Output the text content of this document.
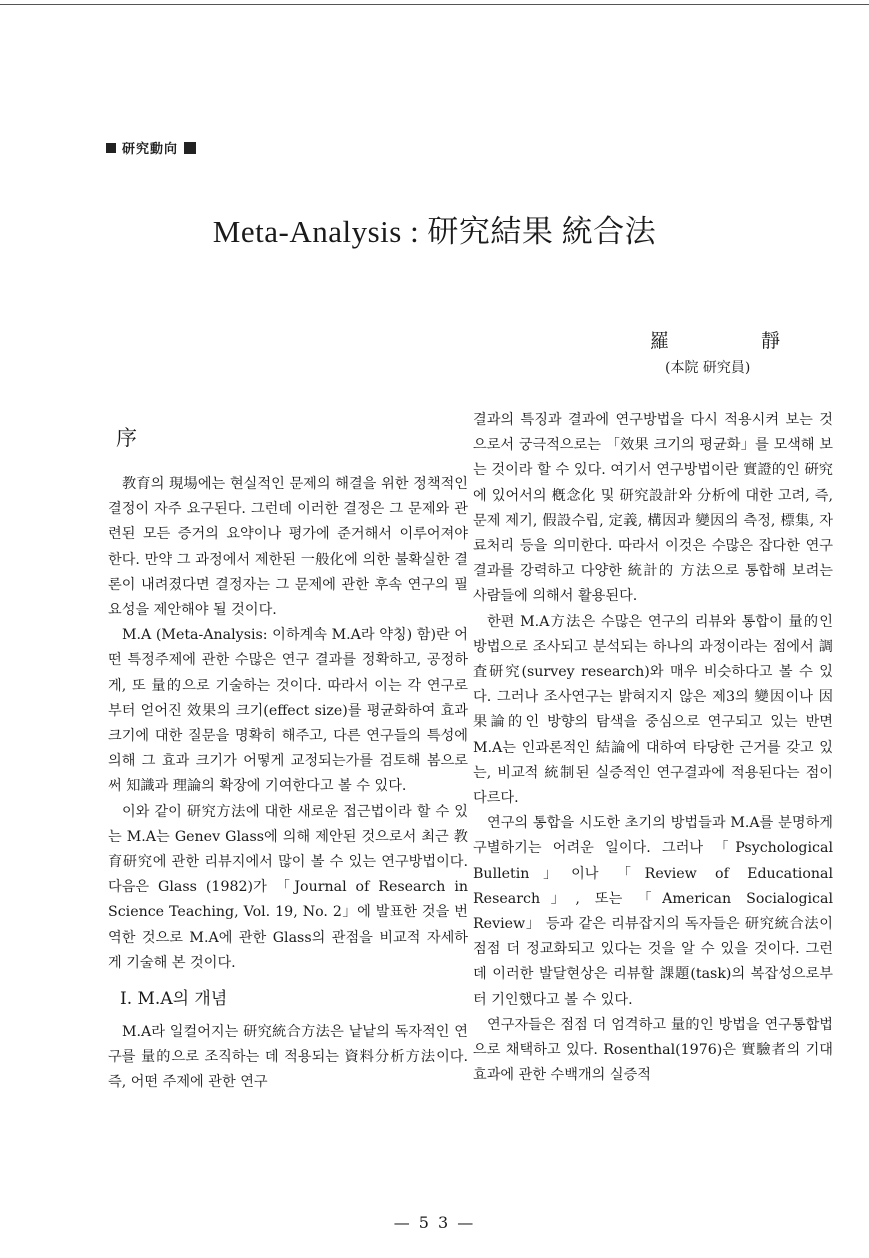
研究動向
Meta-Analysis : 研究結果 統合法
羅	靜
(本院 研究員)
序

教育의 現場에는 현실적인 문제의 해결을 위한 정책적인 결정이 자주 요구된다. 그런데 이러한 결정은 그 문제와 관련된 모든 증거의 요약이나 평가에 준거해서 이루어져야 한다. 만약 그 과정에서 제한된 一般化에 의한 불확실한 결론이 내려졌다면 결정자는 그 문제에 관한 후속 연구의 필요성을 제안해야 될 것이다.

M.A (Meta-Analysis: 이하계속 M.A라 약칭) 함)란 어떤 특정주제에 관한 수많은 연구 결과를 정확하고, 공정하게, 또 量的으로 기술하는 것이다. 따라서 이는 각 연구로부터 얻어진 效果의 크기(effect size)를 평균화하여 효과 크기에 대한 질문을 명확히 해주고, 다른 연구들의 특성에 의해 그 효과 크기가 어떻게 교정되는가를 검토해 봄으로써 知識과 理論의 확장에 기여한다고 볼 수 있다.

이와 같이 研究方法에 대한 새로운 접근법이라 할 수 있는 M.A는 Genev Glass에 의해 제안된 것으로서 최근 教育研究에 관한 리뷰지에서 많이 볼 수 있는 연구방법이다. 다음은 Glass (1982)가 「Journal of Research in Science Teaching, Vol. 19, No. 2」에 발표한 것을 번역한 것으로 M.A에 관한 Glass의 관점을 비교적 자세하게 기술해 본 것이다.

Ⅰ. M.A의 개념

M.A라 일컬어지는 研究統合方法은 낱낱의 독자적인 연구를 量的으로 조직하는 데 적용되는 資料分析方法이다. 즉, 어떤 주제에 관한 연구

결과의 특징과 결과에 연구방법을 다시 적용시켜 보는 것으로서 궁극적으로는 「效果 크기의 평균화」를 모색해 보는 것이라 할 수 있다. 여기서 연구방법이란 實證的인 硏究에 있어서의 槪念化 및 研究設計와 分析에 대한 고려, 즉, 문제 제기, 假設수립, 定義, 構因과 變因의 측정, 標集, 자료처리 등을 의미한다. 따라서 이것은 수많은 잡다한 연구결과를 강력하고 다양한 統計的 方法으로 통합해 보려는 사람들에 의해서 활용된다.

한편 M.A方法은 수많은 연구의 리뷰와 통합이 量的인 방법으로 조사되고 분석되는 하나의 과정이라는 점에서 調査研究(survey research)와 매우 비슷하다고 볼 수 있다. 그러나 조사연구는 밝혀지지 않은 제3의 變因이나 因果論的인 방향의 탐색을 중심으로 연구되고 있는 반면 M.A는 인과론적인 結論에 대하여 타당한 근거를 갖고 있는, 비교적 統制된 실증적인 연구결과에 적용된다는 점이 다르다.

연구의 통합을 시도한 초기의 방법들과 M.A를 분명하게 구별하기는 어려운 일이다. 그러나 「Psychological Bulletin」이나 「Review of Educational Research」, 또는 「American Socialogical Review」 등과 같은 리뷰잡지의 독자들은 研究統合法이 점점 더 정교화되고 있다는 것을 알 수 있을 것이다. 그런데 이러한 발달현상은 리뷰할 課題(task)의 복잡성으로부터 기인했다고 볼 수 있다.

연구자들은 점점 더 엄격하고 量的인 방법을 연구통합법으로 채택하고 있다. Rosenthal(1976)은 實驗者의 기대효과에 관한 수백개의 실증적

— 5 3 —
